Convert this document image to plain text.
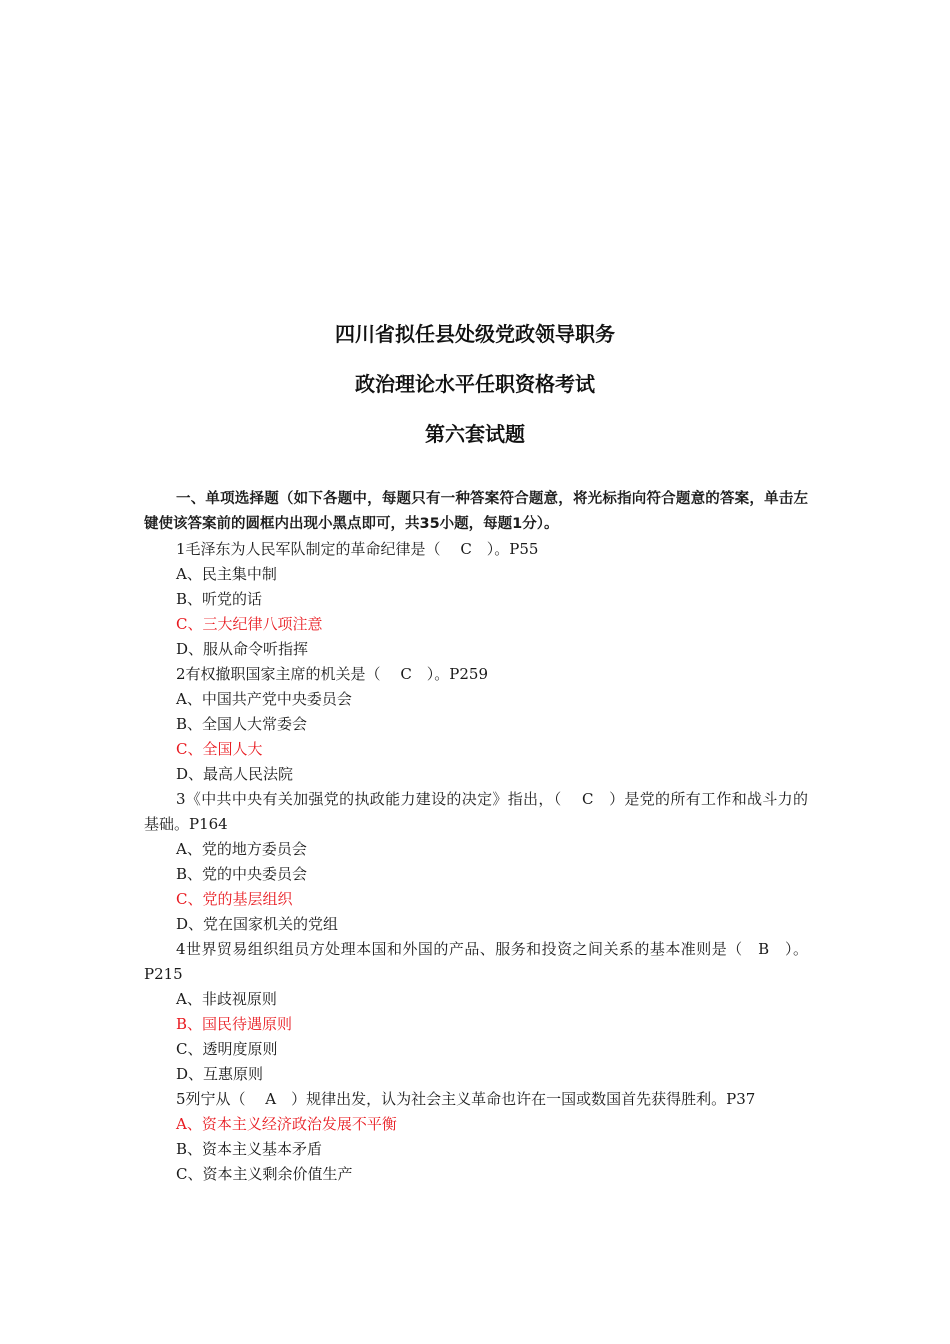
四川省拟任县处级党政领导职务
政治理论水平任职资格考试
第六套试题

一、单项选择题（如下各题中，每题只有一种答案符合题意，将光标指向符合题意的答案，单击左键使该答案前的圆框内出现小黑点即可，共35小题，每题1分）。

1毛泽东为人民军队制定的革命纪律是（　 C　）。P55

A、民主集中制

B、听党的话

C、三大纪律八项注意

D、服从命令听指挥

2有权撤职国家主席的机关是（　 C　）。P259

A、中国共产党中央委员会

B、全国人大常委会

C、全国人大

D、最高人民法院

3《中共中央有关加强党的执政能力建设的决定》指出，（　 C　）是党的所有工作和战斗力的基础。P164

A、党的地方委员会

B、党的中央委员会

C、党的基层组织

D、党在国家机关的党组

4世界贸易组织组员方处理本国和外国的产品、服务和投资之间关系的基本准则是（　B　）。P215

A、非歧视原则

B、国民待遇原则

C、透明度原则

D、互惠原则

5列宁从（　 A　）规律出发，认为社会主义革命也许在一国或数国首先获得胜利。P37

A、资本主义经济政治发展不平衡

B、资本主义基本矛盾

C、资本主义剩余价值生产
